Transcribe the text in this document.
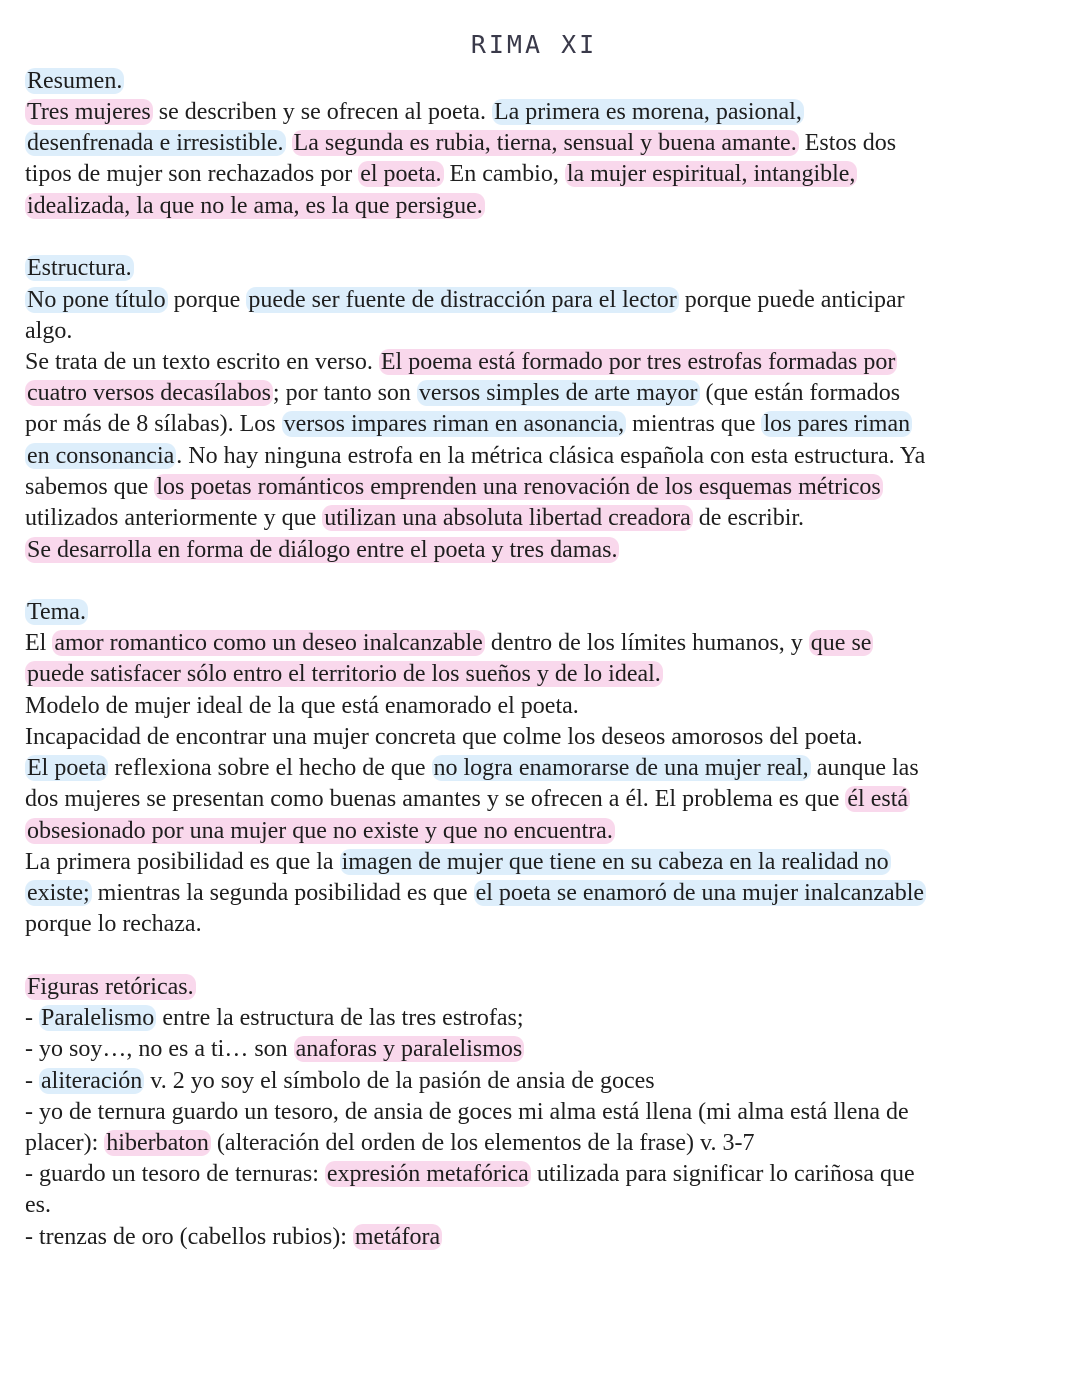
RIMA XI
Resumen.
Tres mujeres se describen y se ofrecen al poeta. La primera es morena, pasional,
desenfrenada e irresistible. La segunda es rubia, tierna, sensual y buena amante. Estos dos
tipos de mujer son rechazados por el poeta. En cambio, la mujer espiritual, intangible,
idealizada, la que no le ama, es la que persigue.
Estructura.
No pone título porque puede ser fuente de distracción para el lector porque puede anticipar
algo.
Se trata de un texto escrito en verso. El poema está formado por tres estrofas formadas por
cuatro versos decasílabos; por tanto son versos simples de arte mayor (que están formados
por más de 8 sílabas). Los versos impares riman en asonancia, mientras que los pares riman
en consonancia. No hay ninguna estrofa en la métrica clásica española con esta estructura. Ya
sabemos que los poetas románticos emprenden una renovación de los esquemas métricos
utilizados anteriormente y que utilizan una absoluta libertad creadora de escribir.
Se desarrolla en forma de diálogo entre el poeta y tres damas.
Tema.
El amor romantico como un deseo inalcanzable dentro de los límites humanos, y que se
puede satisfacer sólo entro el territorio de los sueños y de lo ideal.
Modelo de mujer ideal de la que está enamorado el poeta.
Incapacidad de encontrar una mujer concreta que colme los deseos amorosos del poeta.
El poeta reflexiona sobre el hecho de que no logra enamorarse de una mujer real, aunque las
dos mujeres se presentan como buenas amantes y se ofrecen a él. El problema es que él está
obsesionado por una mujer que no existe y que no encuentra.
La primera posibilidad es que la imagen de mujer que tiene en su cabeza en la realidad no
existe; mientras la segunda posibilidad es que el poeta se enamoró de una mujer inalcanzable
porque lo rechaza.
Figuras retóricas.
- Paralelismo entre la estructura de las tres estrofas;
- yo soy…, no es a ti… son anaforas y paralelismos
- aliteración v. 2 yo soy el símbolo de la pasión de ansia de goces
- yo de ternura guardo un tesoro, de ansia de goces mi alma está llena (mi alma está llena de
placer): hiberbaton (alteración del orden de los elementos de la frase) v. 3-7
- guardo un tesoro de ternuras: expresión metafórica utilizada para significar lo cariñosa que
es.
- trenzas de oro (cabellos rubios): metáfora
